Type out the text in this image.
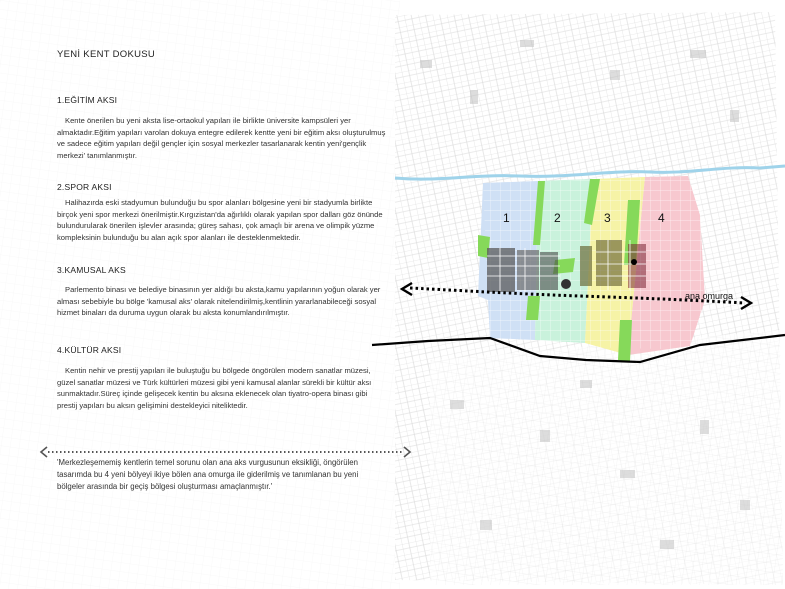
1	2	3	4
ana omurga
YENİ KENT DOKUSU
1.EĞİTİM AKSI
Kente önerilen bu yeni aksta lise-ortaokul yapıları ile birlikte üniversite kampsüleri yer almaktadır.Eğitim yapıları varolan dokuya entegre edilerek kentte yeni bir eğitim aksı oluşturulmuş ve sadece eğitim yapıları değil gençler için sosyal merkezler tasarlanarak kentin yeni'gençlik merkezi' tanımlanmıştır.
2.SPOR AKSI
Halihazırda eski stadyumun bulunduğu bu spor alanları bölgesine yeni bir stadyumla birlikte birçok yeni spor merkezi önerilmiştir.Kırgızistan'da ağırlıklı olarak yapılan spor dalları göz önünde bulundurularak önerilen işlevler arasında; güreş sahası, çok amaçlı bir arena ve olimpik yüzme kompleksinin bulunduğu bu alan açık spor alanları ile desteklenmektedir.
3.KAMUSAL AKS
Parlemento binası ve belediye binasının yer aldığı bu aksta,kamu yapılarının yoğun olarak yer alması sebebiyle bu bölge 'kamusal aks' olarak nitelendirilmiş,kentlinin yararlanabileceği sosyal hizmet binaları da duruma uygun olarak bu aksta konumlandırılmıştır.
4.KÜLTÜR AKSI
Kentin nehir ve prestij yapıları ile buluştuğu bu bölgede öngörülen modern sanatlar müzesi, güzel sanatlar müzesi ve Türk kültürleri müzesi gibi yeni kamusal alanlar sürekli bir kültür aksı sunmaktadır.Süreç içinde gelişecek kentin bu aksına eklenecek olan tiyatro-opera binası gibi prestij yapıları bu aksın gelişimini destekleyici niteliktedir.
'Merkezleşememiş kentlerin temel sorunu olan ana aks vurgusunun eksikliği, öngörülen tasarımda bu 4 yeni bölyeyi ikiye bölen ana omurga ile giderilmiş ve tanımlanan bu yeni bölgeler arasında bir geçiş bölgesi oluşturması amaçlanmıştır.'
